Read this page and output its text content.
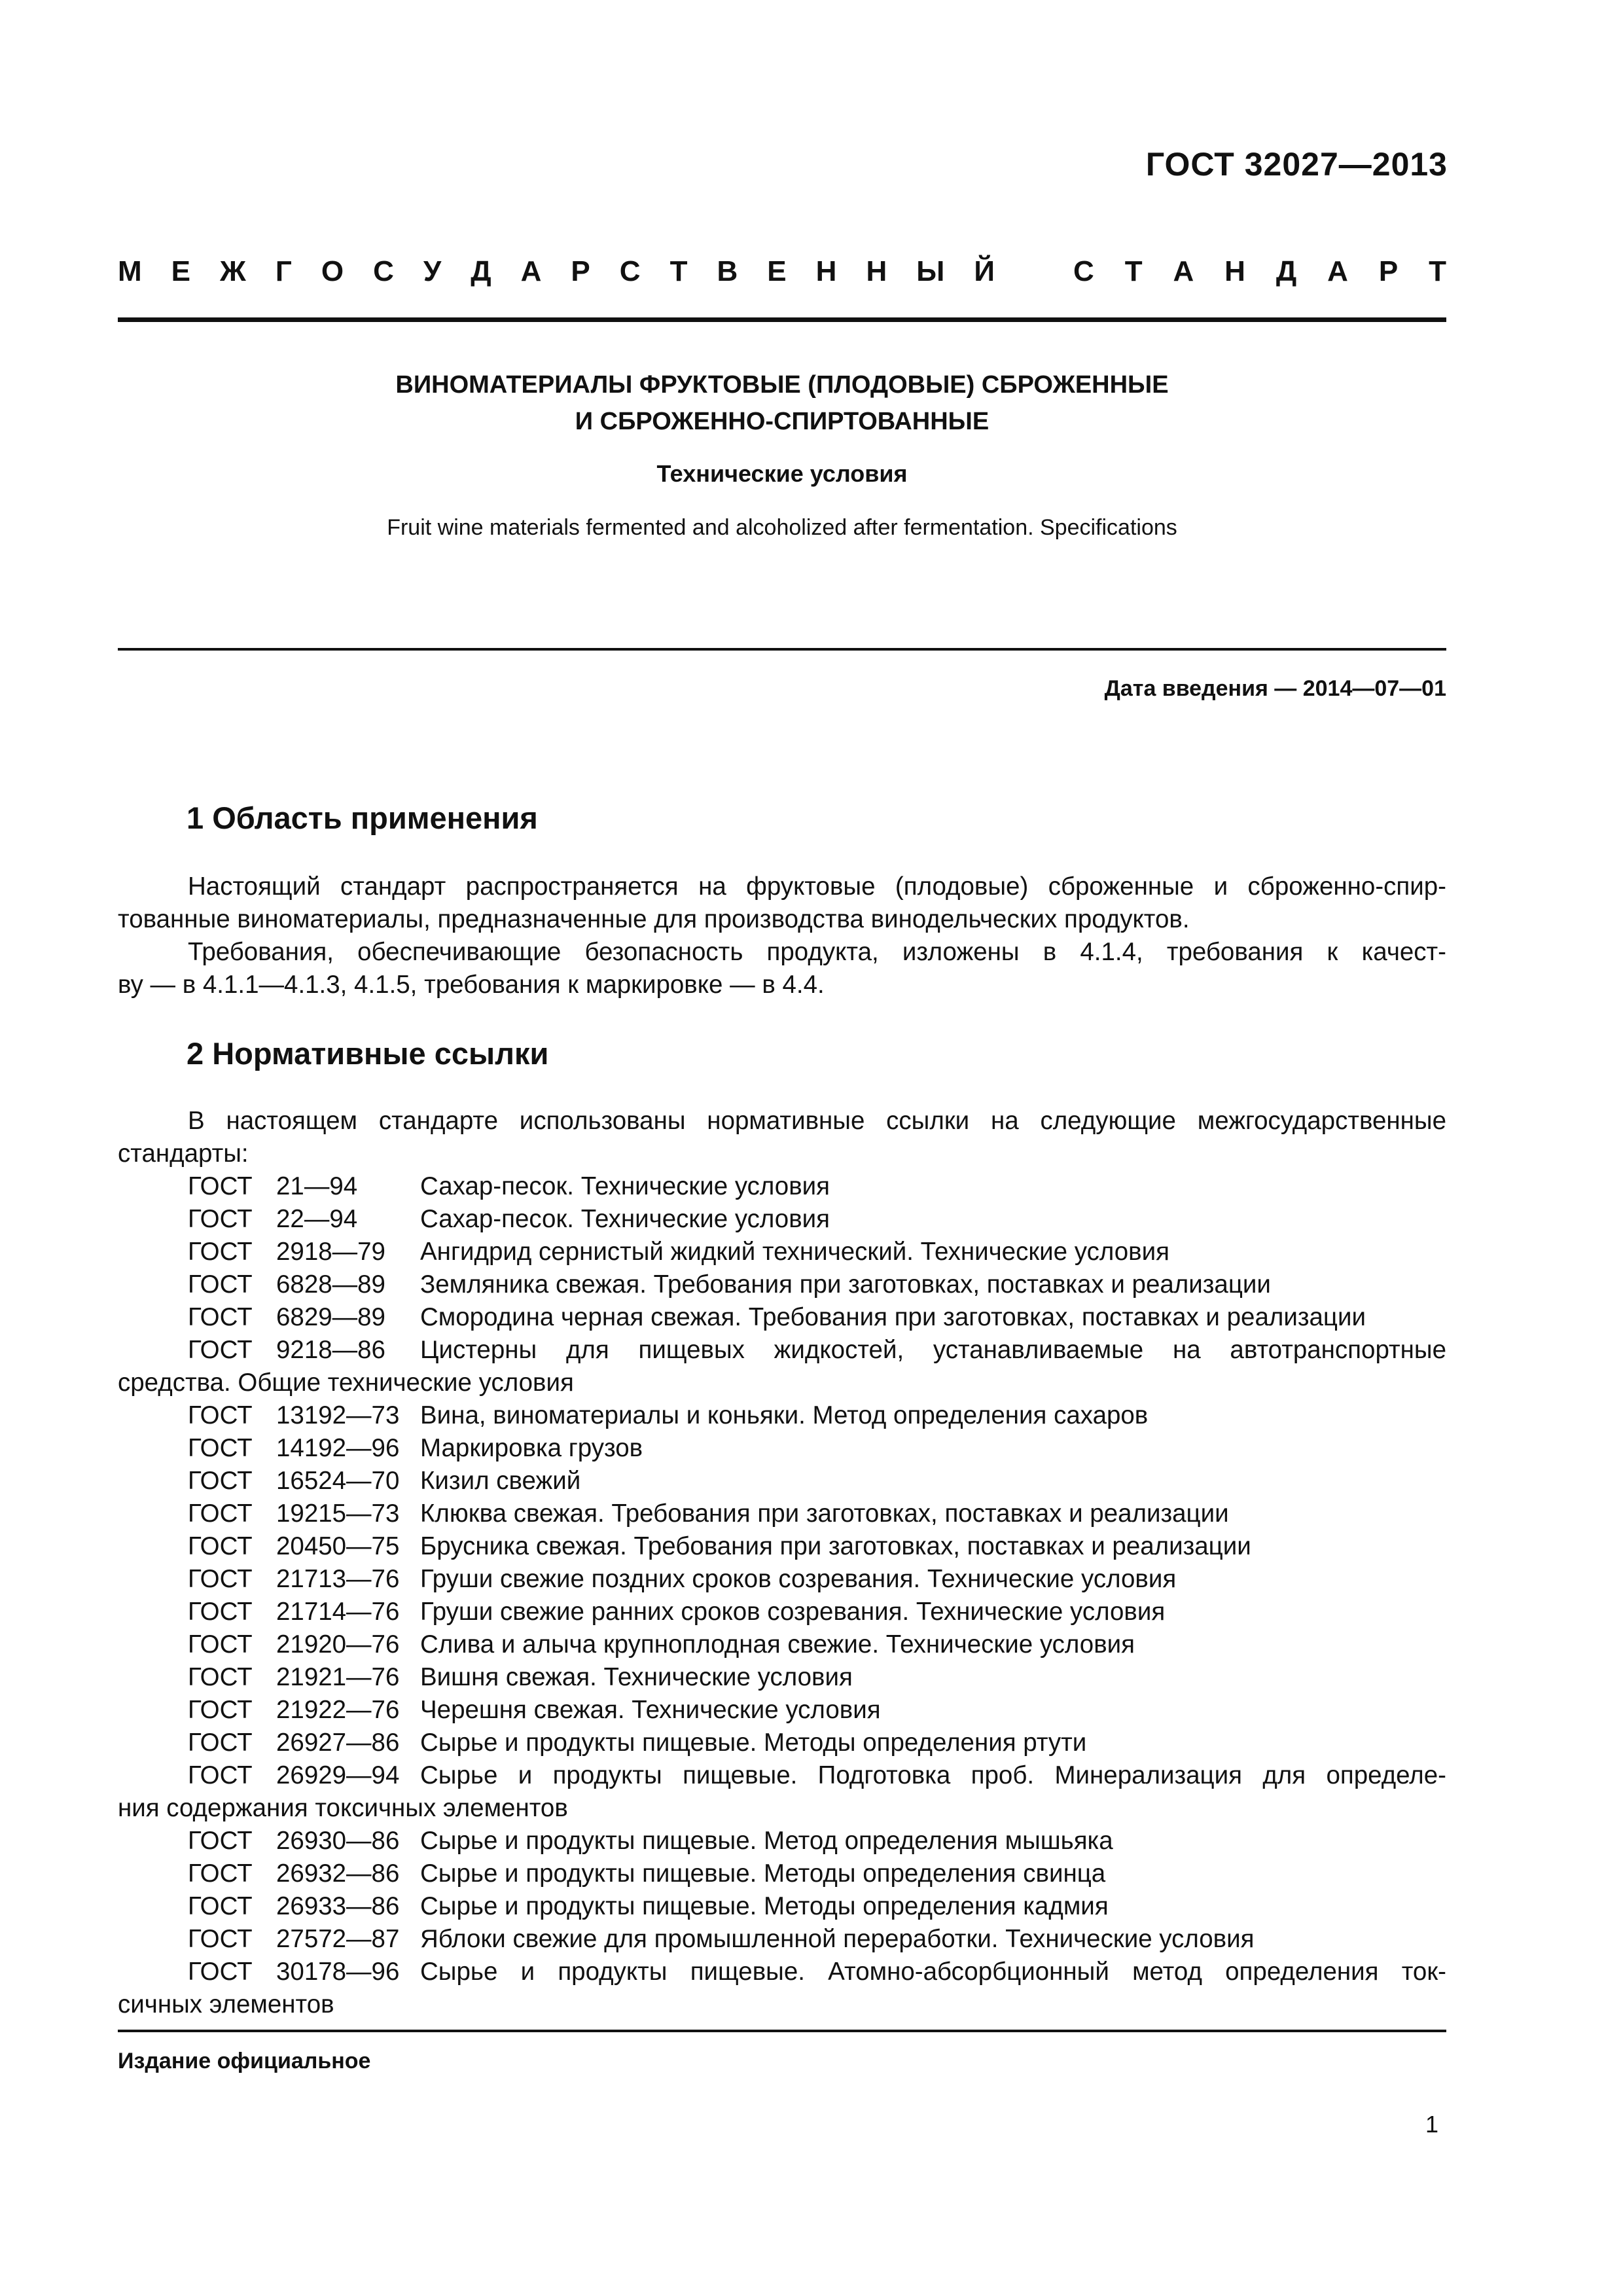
ГОСТ 32027—2013
М Е Ж Г О С У Д А Р С Т В Е Н Н Ы Й	С Т А Н Д А Р Т
ВИНОМАТЕРИАЛЫ ФРУКТОВЫЕ (ПЛОДОВЫЕ) СБРОЖЕННЫЕ
И СБРОЖЕННО-СПИРТОВАННЫЕ
Технические условия
Fruit wine materials fermented and alcoholized after fermentation. Specifications
Дата введения — 2014—07—01
1 Область применения
Настоящий стандарт распространяется на фруктовые (плодовые) сброженные и сброженно-спир-
тованные виноматериалы, предназначенные для производства винодельческих продуктов.
Требования, обеспечивающие безопасность продукта, изложены в 4.1.4, требования к качест-
ву — в 4.1.1—4.1.3, 4.1.5, требования к маркировке — в 4.4.
2 Нормативные ссылки
В настоящем стандарте использованы нормативные ссылки на следующие межгосударственные
стандарты:
ГОСТ 21—94 Сахар-песок. Технические условия
ГОСТ 22—94 Сахар-песок. Технические условия
ГОСТ 2918—79 Ангидрид сернистый жидкий технический. Технические условия
ГОСТ 6828—89 Земляника свежая. Требования при заготовках, поставках и реализации
ГОСТ 6829—89 Смородина черная свежая. Требования при заготовках, поставках и реализации
ГОСТ 9218—86 Цистерны для пищевых жидкостей, устанавливаемые на автотранспортные
средства. Общие технические условия
ГОСТ 13192—73 Вина, виноматериалы и коньяки. Метод определения сахаров
ГОСТ 14192—96 Маркировка грузов
ГОСТ 16524—70 Кизил свежий
ГОСТ 19215—73 Клюква свежая. Требования при заготовках, поставках и реализации
ГОСТ 20450—75 Брусника свежая. Требования при заготовках, поставках и реализации
ГОСТ 21713—76 Груши свежие поздних сроков созревания. Технические условия
ГОСТ 21714—76 Груши свежие ранних сроков созревания. Технические условия
ГОСТ 21920—76 Слива и алыча крупноплодная свежие. Технические условия
ГОСТ 21921—76 Вишня свежая. Технические условия
ГОСТ 21922—76 Черешня свежая. Технические условия
ГОСТ 26927—86 Сырье и продукты пищевые. Методы определения ртути
ГОСТ 26929—94 Сырье и продукты пищевые. Подготовка проб. Минерализация для определе-
ния содержания токсичных элементов
ГОСТ 26930—86 Сырье и продукты пищевые. Метод определения мышьяка
ГОСТ 26932—86 Сырье и продукты пищевые. Методы определения свинца
ГОСТ 26933—86 Сырье и продукты пищевые. Методы определения кадмия
ГОСТ 27572—87 Яблоки свежие для промышленной переработки. Технические условия
ГОСТ 30178—96 Сырье и продукты пищевые. Атомно-абсорбционный метод определения ток-
сичных элементов
Издание официальное
1
